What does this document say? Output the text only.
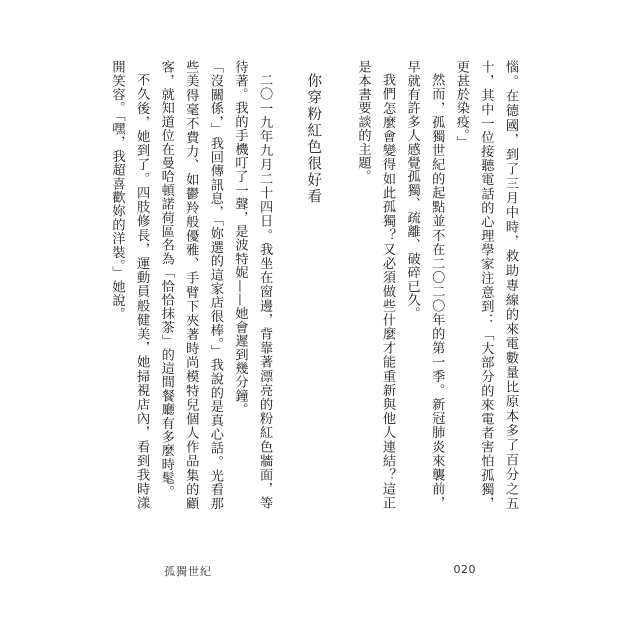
惱。在德國，到了三月中時，救助專線的來電數量比原本多了百分之五十，其中一位接聽電話的心理學家注意到：「大部分的來電者害怕孤獨，更甚於染疫。」

然而，孤獨世紀的起點並不在二〇二〇年的第一季。新冠肺炎來襲前，早就有許多人感覺孤獨、疏離、破碎已久。

我們怎麼會變得如此孤獨？又必須做些什麼才能重新與他人連結？這正是本書要談的主題。

你穿粉紅色很好看

二〇一九年九月二十四日。我坐在窗邊，背靠著漂亮的粉紅色牆面，等待著。我的手機叮了一聲，是波特妮——她會遲到幾分鐘。

「沒關係，」我回傳訊息，「妳選的這家店很棒。」我說的是真心話。光看那些美得毫不費力、如鬱羚般優雅、手臂下夾著時尚模特兒個人作品集的顧客，就知道位在曼哈頓諾荷區名為「恰恰抹茶」的這間餐廳有多麼時髦。

不久後，她到了。四肢修長，運動員般健美，她掃視店內，看到我時漾開笑容。「嘿，我超喜歡妳的洋裝。」她說。

孤獨世紀	020
